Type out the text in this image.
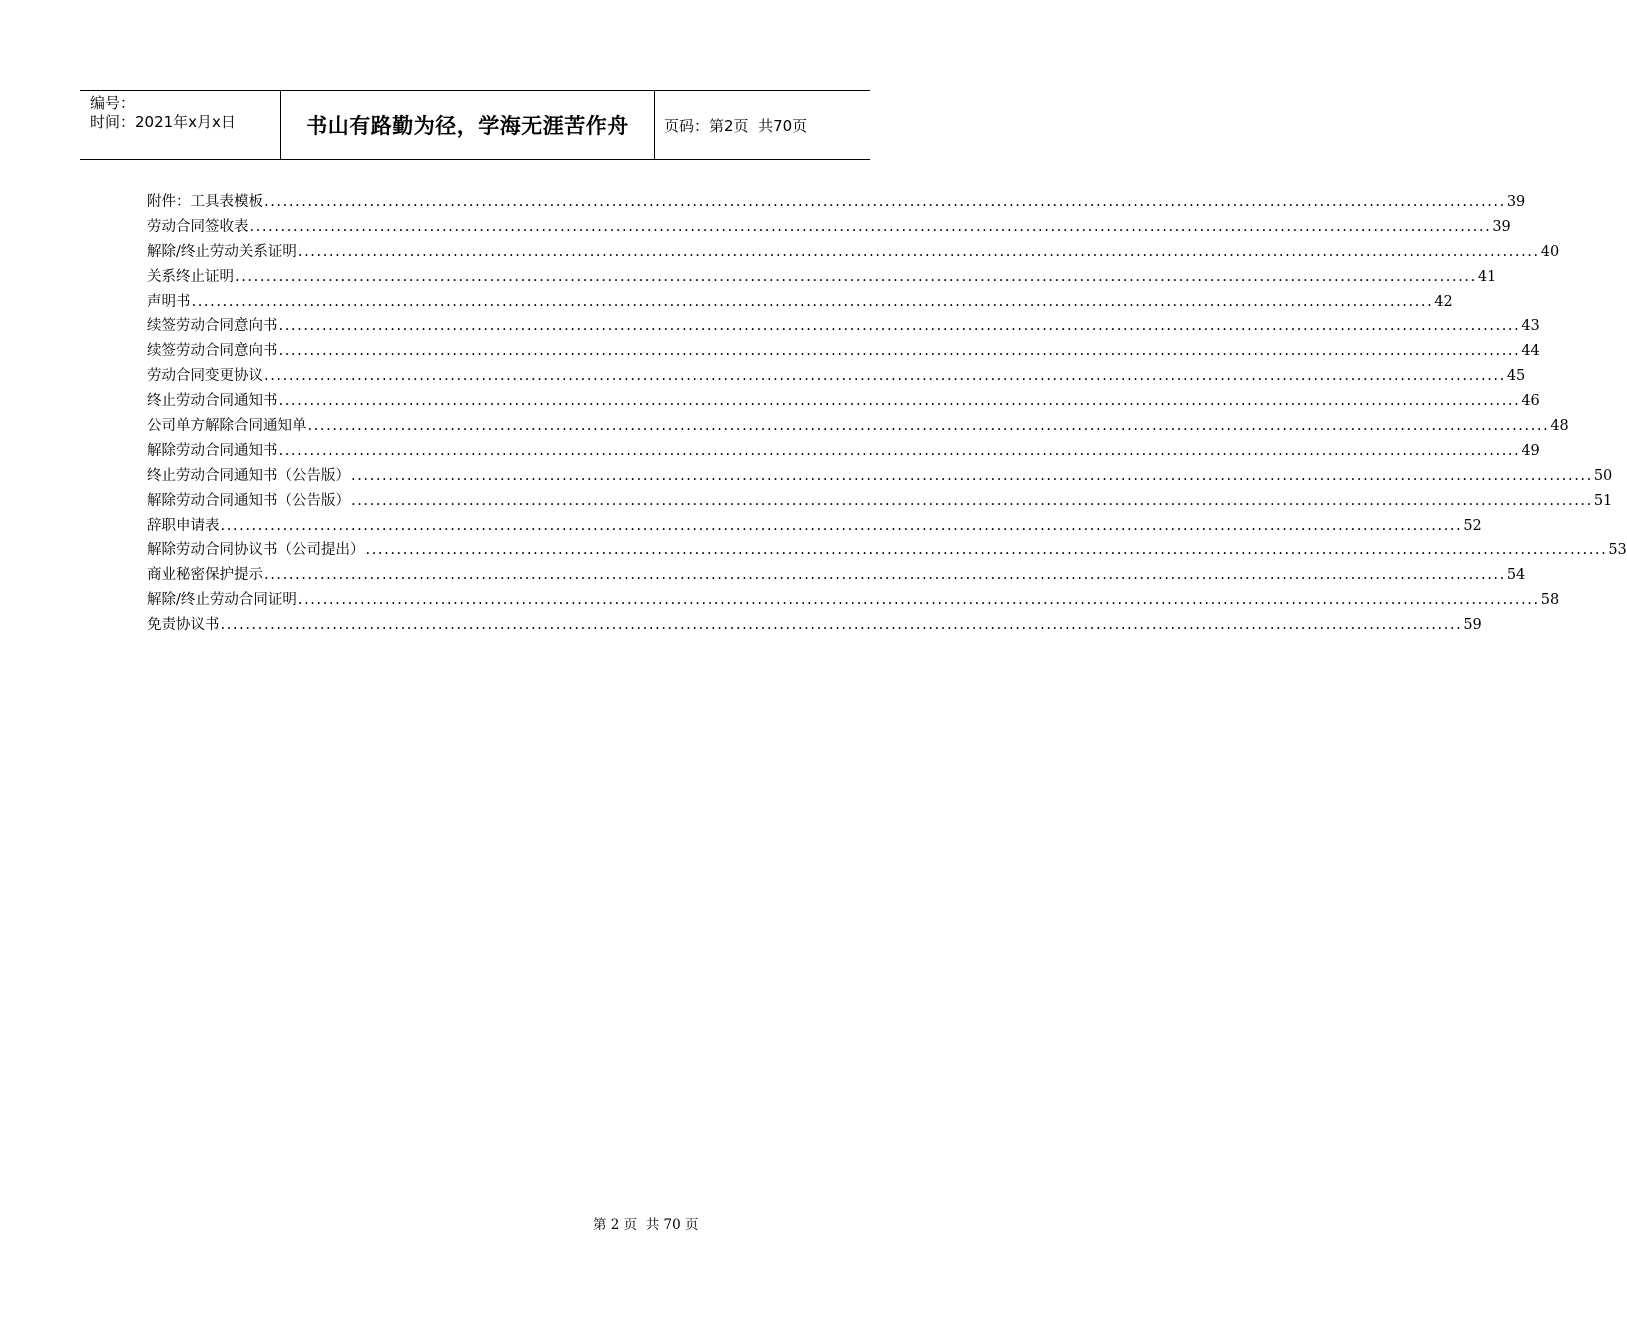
编号：
时间：2021年x月x日	书山有路勤为径，学海无涯苦作舟 页码：第2页  共70页
附件：工具表模板 ........................................................................................................................................................................................................ 39
劳动合同签收表 ........................................................................................................................................................................................................ 39
解除/终止劳动关系证明 ........................................................................................................................................................................................................ 40
关系终止证明 ........................................................................................................................................................................................................ 41
声明书 ........................................................................................................................................................................................................ 42
续签劳动合同意向书 ........................................................................................................................................................................................................ 43
续签劳动合同意向书 ........................................................................................................................................................................................................ 44
劳动合同变更协议 ........................................................................................................................................................................................................ 45
终止劳动合同通知书 ........................................................................................................................................................................................................ 46
公司单方解除合同通知单 ........................................................................................................................................................................................................ 48
解除劳动合同通知书 ........................................................................................................................................................................................................ 49
终止劳动合同通知书（公告版） ........................................................................................................................................................................................................ 50
解除劳动合同通知书（公告版） ........................................................................................................................................................................................................ 51
辞职申请表 ........................................................................................................................................................................................................ 52
解除劳动合同协议书（公司提出） ........................................................................................................................................................................................................ 53
商业秘密保护提示 ........................................................................................................................................................................................................ 54
解除/终止劳动合同证明 ........................................................................................................................................................................................................ 58
免责协议书 ........................................................................................................................................................................................................ 59
第 2 页  共 70 页
